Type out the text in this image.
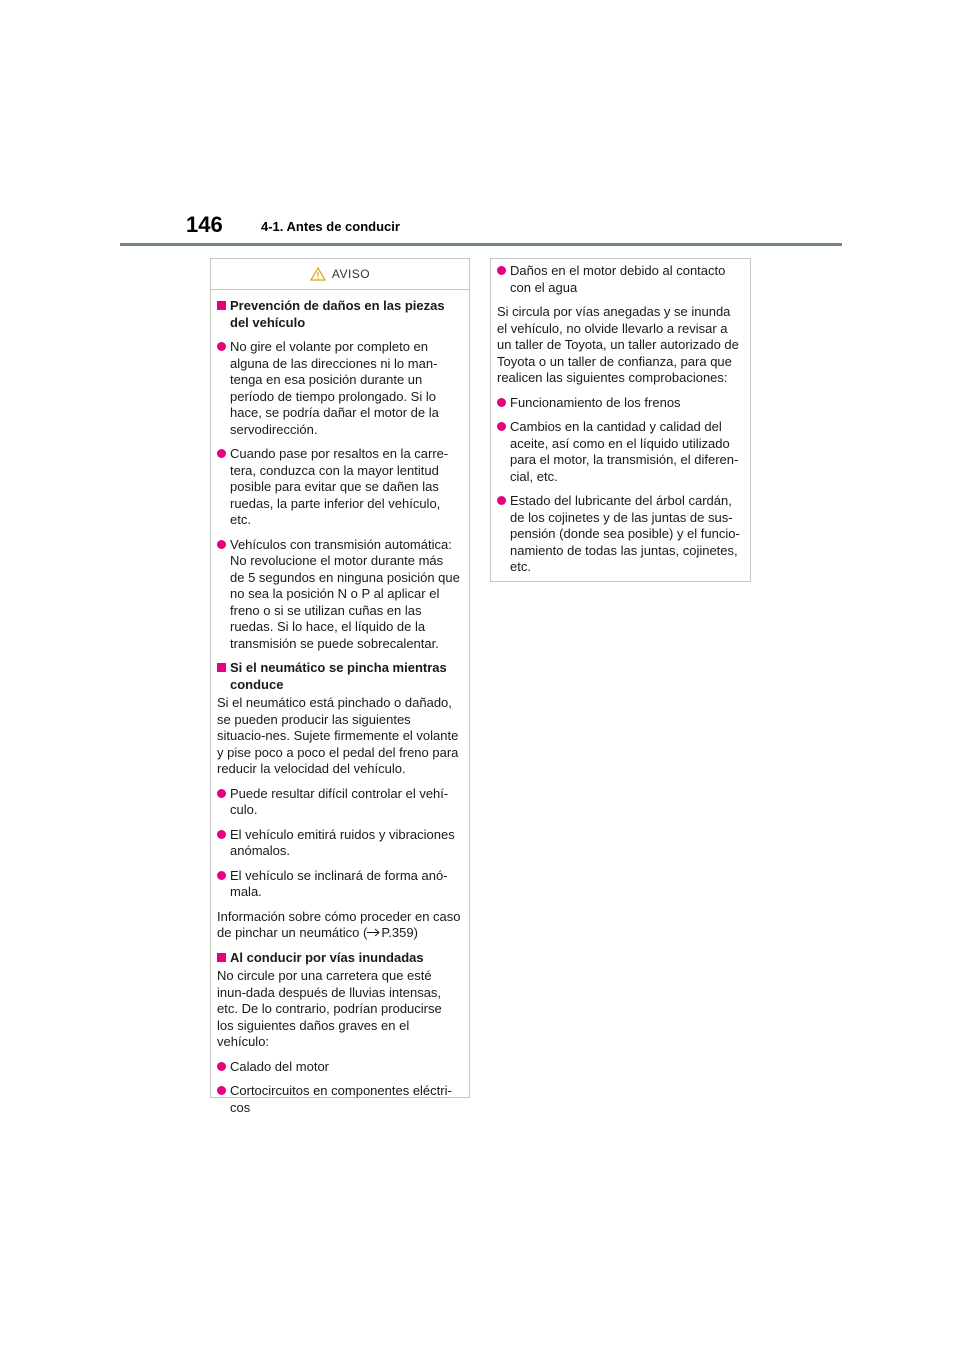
146	4-1. Antes de conducir
AVISO
Prevención de daños en las piezas del vehículo
No gire el volante por completo en alguna de las direcciones ni lo man-tenga en esa posición durante un período de tiempo prolongado. Si lo hace, se podría dañar el motor de la servodirección.
Cuando pase por resaltos en la carre-tera, conduzca con la mayor lentitud posible para evitar que se dañen las ruedas, la parte inferior del vehículo, etc.
Vehículos con transmisión automática: No revolucione el motor durante más de 5 segundos en ninguna posición que no sea la posición N o P al aplicar el freno o si se utilizan cuñas en las ruedas. Si lo hace, el líquido de la transmisión se puede sobrecalentar.
Si el neumático se pincha mientras conduce
Si el neumático está pinchado o dañado, se pueden producir las siguientes situacio-nes. Sujete firmemente el volante y pise poco a poco el pedal del freno para reducir la velocidad del vehículo.
Puede resultar difícil controlar el vehí-culo.
El vehículo emitirá ruidos y vibraciones anómalos.
El vehículo se inclinará de forma anó-mala.
Información sobre cómo proceder en caso de pinchar un neumático ( P.359)
Al conducir por vías inundadas
No circule por una carretera que esté inun-dada después de lluvias intensas, etc. De lo contrario, podrían producirse los siguientes daños graves en el vehículo:
Calado del motor
Cortocircuitos en componentes eléctri-cos
Daños en el motor debido al contacto con el agua
Si circula por vías anegadas y se inunda el vehículo, no olvide llevarlo a revisar a un taller de Toyota, un taller autorizado de Toyota o un taller de confianza, para que realicen las siguientes comprobaciones:
Funcionamiento de los frenos
Cambios en la cantidad y calidad del aceite, así como en el líquido utilizado para el motor, la transmisión, el diferen-cial, etc.
Estado del lubricante del árbol cardán, de los cojinetes y de las juntas de sus-pensión (donde sea posible) y el funcio-namiento de todas las juntas, cojinetes, etc.
